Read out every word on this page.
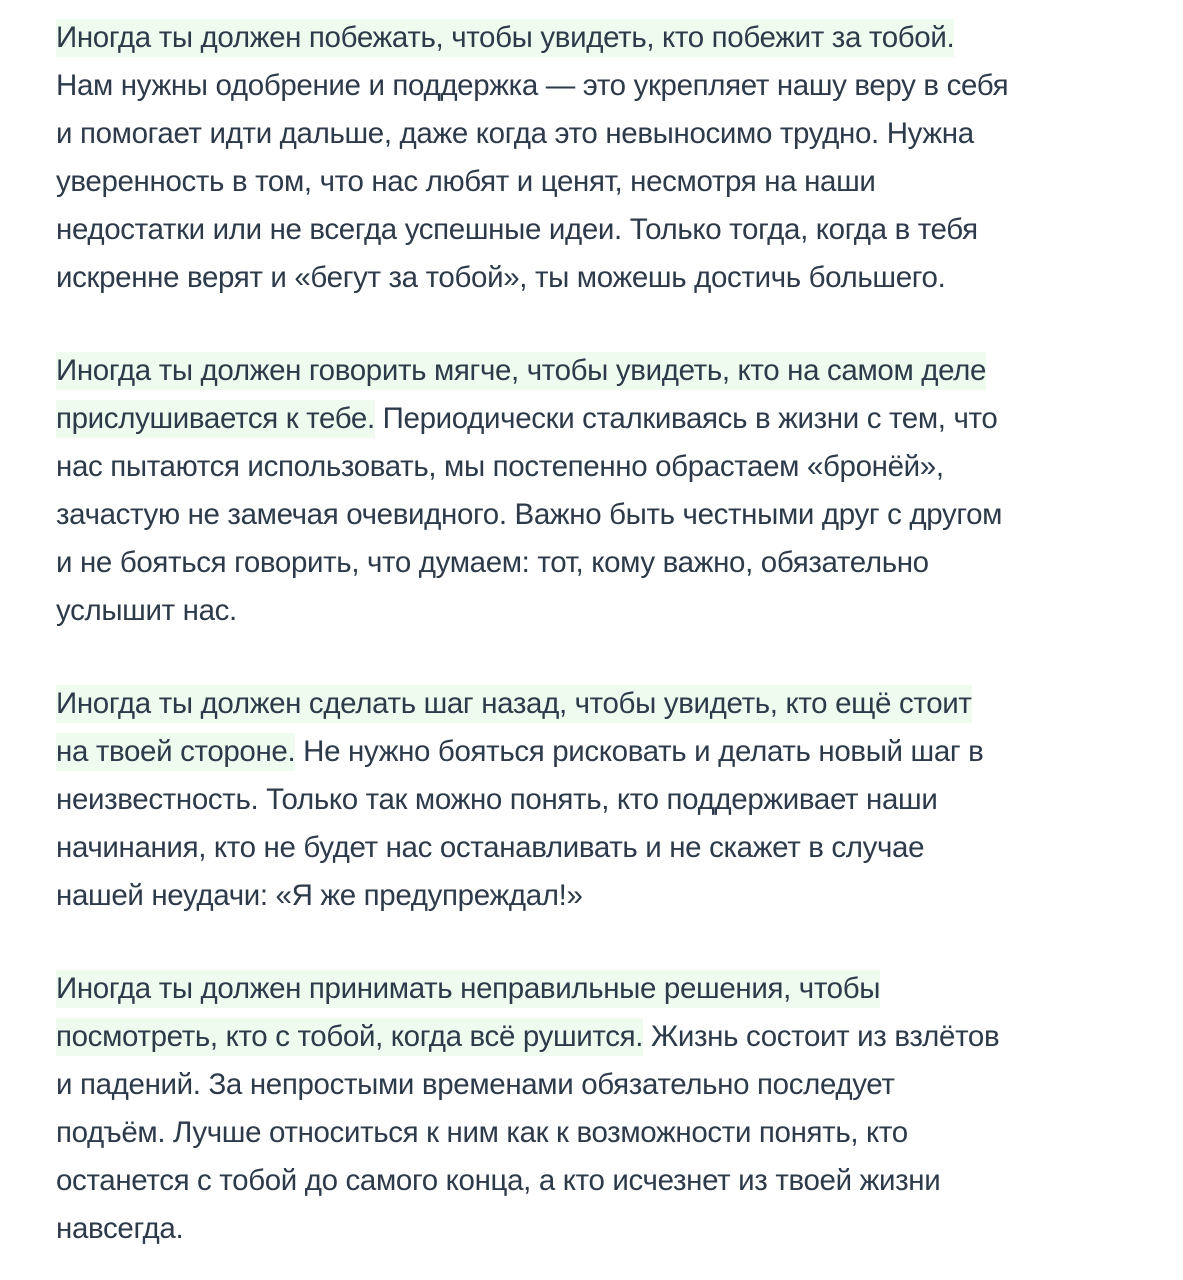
Иногда ты должен побежать, чтобы увидеть, кто побежит за тобой.
Нам нужны одобрение и поддержка — это укрепляет нашу веру в себя
и помогает идти дальше, даже когда это невыносимо трудно. Нужна
уверенность в том, что нас любят и ценят, несмотря на наши
недостатки или не всегда успешные идеи. Только тогда, когда в тебя
искренне верят и «бегут за тобой», ты можешь достичь большего.
Иногда ты должен говорить мягче, чтобы увидеть, кто на самом деле
прислушивается к тебе. Периодически сталкиваясь в жизни с тем, что
нас пытаются использовать, мы постепенно обрастаем «бронёй»,
зачастую не замечая очевидного. Важно быть честными друг с другом
и не бояться говорить, что думаем: тот, кому важно, обязательно
услышит нас.
Иногда ты должен сделать шаг назад, чтобы увидеть, кто ещё стоит
на твоей стороне. Не нужно бояться рисковать и делать новый шаг в
неизвестность. Только так можно понять, кто поддерживает наши
начинания, кто не будет нас останавливать и не скажет в случае
нашей неудачи: «Я же предупреждал!»
Иногда ты должен принимать неправильные решения, чтобы
посмотреть, кто с тобой, когда всё рушится. Жизнь состоит из взлётов
и падений. За непростыми временами обязательно последует
подъём. Лучше относиться к ним как к возможности понять, кто
останется с тобой до самого конца, а кто исчезнет из твоей жизни
навсегда.
